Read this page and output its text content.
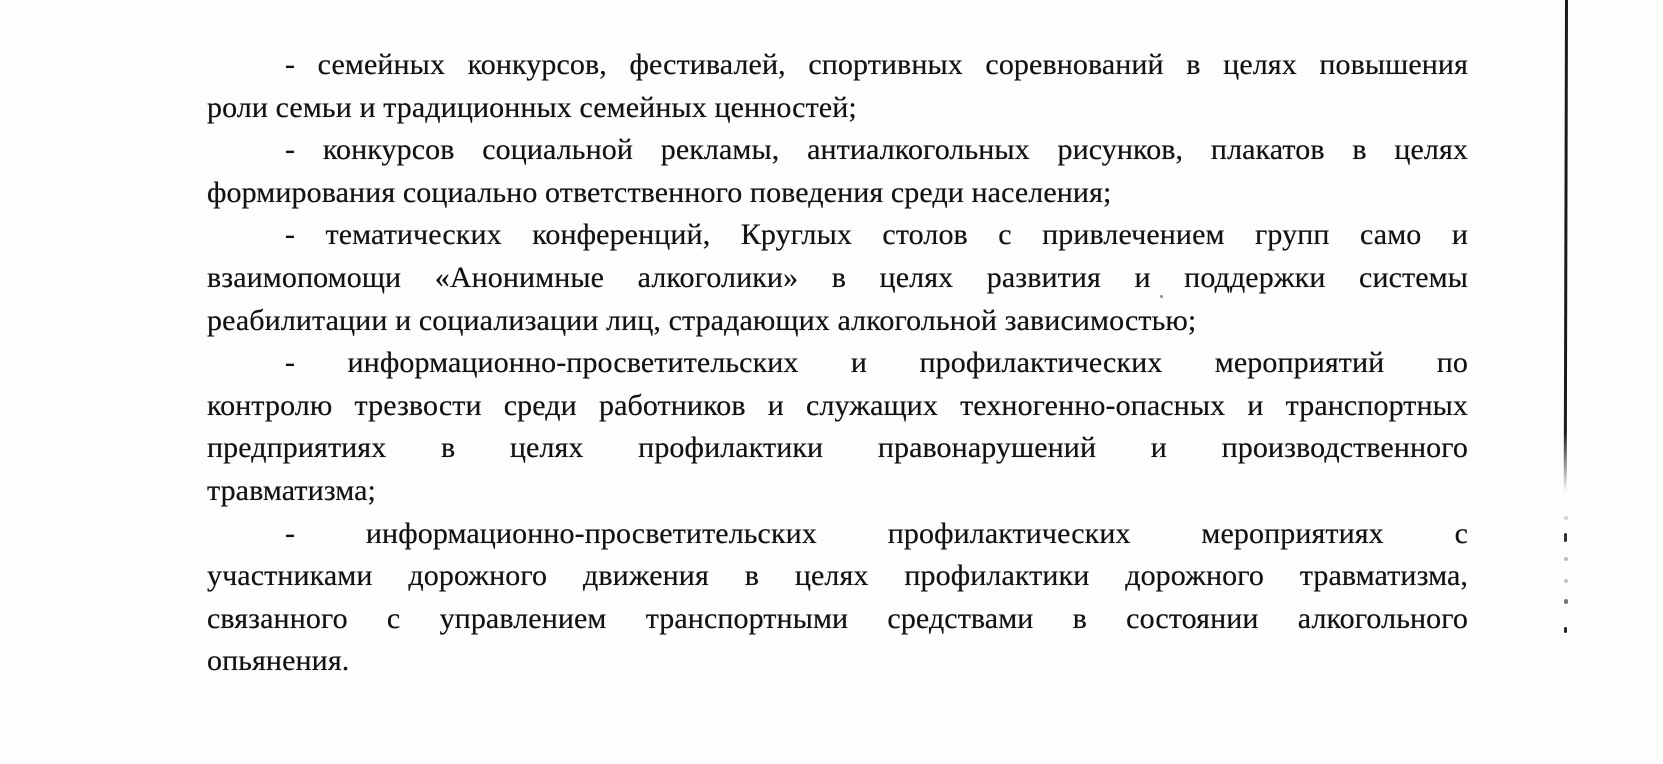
- семейных конкурсов, фестивалей, спортивных соревнований в целях повышения
роли семьи и традиционных семейных ценностей;
- конкурсов социальной рекламы, антиалкогольных рисунков, плакатов в целях
формирования социально ответственного поведения среди населения;
- тематических конференций, Круглых столов с привлечением групп само и
взаимопомощи «Анонимные алкоголики» в целях развития и поддержки системы
реабилитации и социализации лиц, страдающих алкогольной зависимостью;
- информационно-просветительских и профилактических мероприятий по
контролю трезвости среди работников и служащих техногенно-опасных и транспортных
предприятиях в целях профилактики правонарушений и производственного
травматизма;
- информационно-просветительских профилактических мероприятиях с
участниками дорожного движения в целях профилактики дорожного травматизма,
связанного с управлением транспортными средствами в состоянии алкогольного
опьянения.
